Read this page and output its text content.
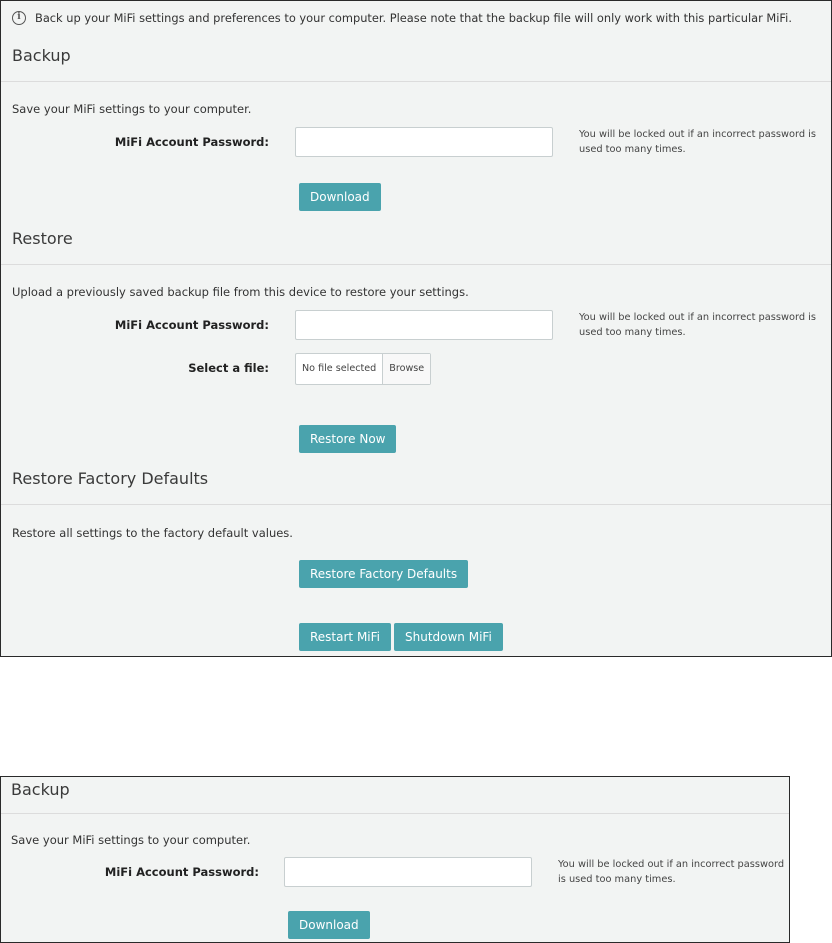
i	Back up your MiFi settings and preferences to your computer. Please note that the backup file will only work with this particular MiFi.
Backup
Save your MiFi settings to your computer.
MiFi Account Password:
You will be locked out if an incorrect password is used too many times.
Download
Restore
Upload a previously saved backup file from this device to restore your settings.
MiFi Account Password:
You will be locked out if an incorrect password is used too many times.
Select a file:	No file selected	Browse
Restore Now
Restore Factory Defaults
Restore all settings to the factory default values.
Restore Factory Defaults
Restart MiFi	Shutdown MiFi
Backup
Save your MiFi settings to your computer.
MiFi Account Password:
You will be locked out if an incorrect password is used too many times.
Download
